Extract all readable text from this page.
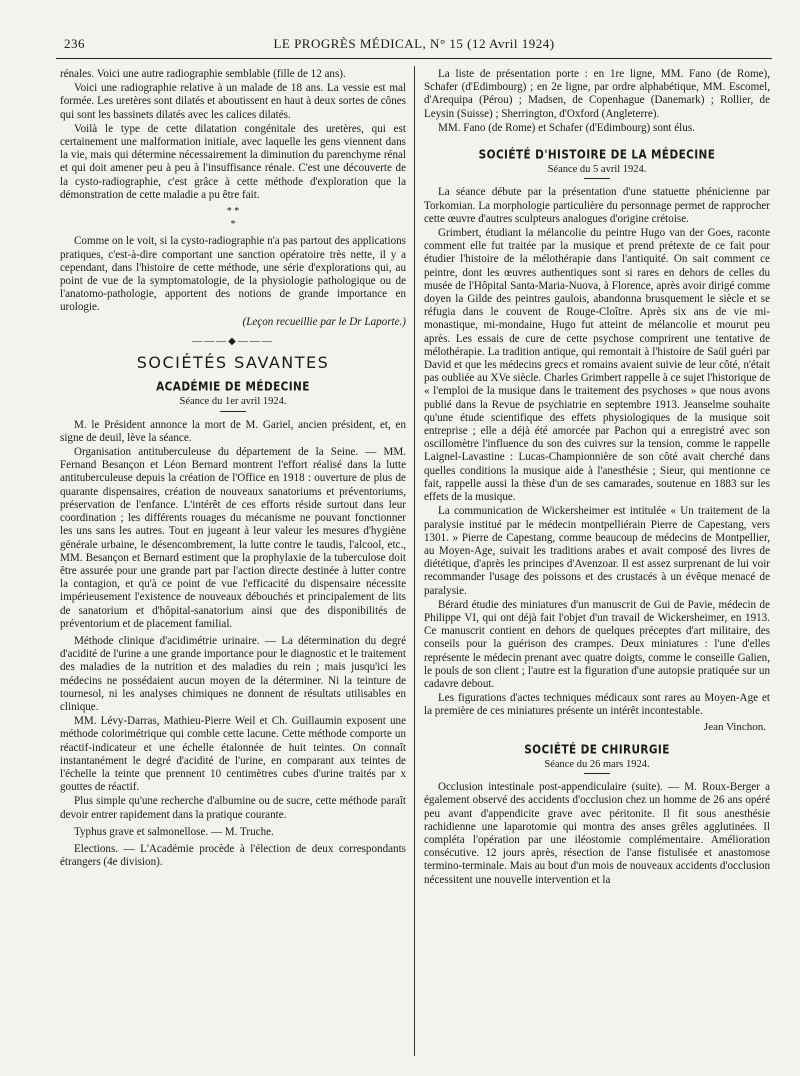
236	LE PROGRÈS MÉDICAL, N° 15 (12 Avril 1924)

rénales. Voici une autre radiographie semblable (fille de 12 ans).

Voici une radiographie relative à un malade de 18 ans. La vessie est mal formée. Les uretères sont dilatés et aboutissent en haut à deux sortes de cônes qui sont les bassinets dilatés avec les calices dilatés.

Voilà le type de cette dilatation congénitale des uretères, qui est certainement une malformation initiale, avec laquelle les gens viennent dans la vie, mais qui détermine nécessairement la diminution du parenchyme rénal et qui doit amener peu à peu à l'insuffisance rénale. C'est une découverte de la cysto-radiographie, c'est grâce à cette méthode d'exploration que la démonstration de cette maladie a pu être fait.

* *
*

Comme on le voit, si la cysto-radiographie n'a pas partout des applications pratiques, c'est-à-dire comportant une sanction opératoire très nette, il y a cependant, dans l'histoire de cette méthode, une série d'explorations qui, au point de vue de la symptomatologie, de la physiologie pathologique ou de l'anatomo-pathologie, apportent des notions de grande importance en urologie.

(Leçon recueillie par le Dr Laporte.)

———◆———
SOCIÉTÉS SAVANTES
ACADÉMIE DE MÉDECINE
Séance du 1er avril 1924.

M. le Président annonce la mort de M. Gariel, ancien président, et, en signe de deuil, lève la séance.

Organisation antituberculeuse du département de la Seine. — MM. Fernand Besançon et Léon Bernard montrent l'effort réalisé dans la lutte antituberculeuse depuis la création de l'Office en 1918 : ouverture de plus de quarante dispensaires, création de nouveaux sanatoriums et préventoriums, préservation de l'enfance. L'intérêt de ces efforts réside surtout dans leur coordination ; les différents rouages du mécanisme ne pouvant fonctionner les uns sans les autres. Tout en jugeant à leur valeur les mesures d'hygiène générale urbaine, le désencombrement, la lutte contre le taudis, l'alcool, etc., MM. Besançon et Bernard estiment que la prophylaxie de la tuberculose doit être assurée pour une grande part par l'action directe destinée à lutter contre la contagion, et qu'à ce point de vue l'efficacité du dispensaire nécessite impérieusement l'existence de nouveaux débouchés et principalement de lits de sanatorium et d'hôpital-sanatorium ainsi que des disponibilités de préventorium et de placement familial.

Méthode clinique d'acidimétrie urinaire. — La détermination du degré d'acidité de l'urine a une grande importance pour le diagnostic et le traitement des maladies de la nutrition et des maladies du rein ; mais jusqu'ici les médecins ne possédaient aucun moyen de la déterminer. Ni la teinture de tournesol, ni les analyses chimiques ne donnent de résultats utilisables en clinique.

MM. Lévy-Darras, Mathieu-Pierre Weil et Ch. Guillaumin exposent une méthode colorimétrique qui comble cette lacune. Cette méthode comporte un réactif-indicateur et une échelle étalonnée de huit teintes. On connaît instantanément le degré d'acidité de l'urine, en comparant aux teintes de l'échelle la teinte que prennent 10 centimètres cubes d'urine traités par x gouttes de réactif.

Plus simple qu'une recherche d'albumine ou de sucre, cette méthode paraît devoir entrer rapidement dans la pratique courante.

Typhus grave et salmonellose. — M. Truche.

Elections. — L'Académie procède à l'élection de deux correspondants étrangers (4e division).

La liste de présentation porte : en 1re ligne, MM. Fano (de Rome), Schafer (d'Edimbourg) ; en 2e ligne, par ordre alphabétique, MM. Escomel, d'Arequipa (Pérou) ; Madsen, de Copenhague (Danemark) ; Rollier, de Leysin (Suisse) ; Sherrington, d'Oxford (Angleterre).

MM. Fano (de Rome) et Schafer (d'Edimbourg) sont élus.

SOCIÉTÉ D'HISTOIRE DE LA MÉDECINE
Séance du 5 avril 1924.

La séance débute par la présentation d'une statuette phénicienne par Torkomian. La morphologie particulière du personnage permet de rapprocher cette œuvre d'autres sculpteurs analogues d'origine crétoise.

Grimbert, étudiant la mélancolie du peintre Hugo van der Goes, raconte comment elle fut traitée par la musique et prend prétexte de ce fait pour étudier l'histoire de la mélothérapie dans l'antiquité. On sait comment ce peintre, dont les œuvres authentiques sont si rares en dehors de celles du musée de l'Hôpital Santa-Maria-Nuova, à Florence, après avoir dirigé comme doyen la Gilde des peintres gaulois, abandonna brusquement le siècle et se réfugia dans le couvent de Rouge-Cloître. Après six ans de vie mi-monastique, mi-mondaine, Hugo fut atteint de mélancolie et mourut peu après. Les essais de cure de cette psychose comprirent une tentative de mélothérapie. La tradition antique, qui remontait à l'histoire de Saül guéri par David et que les médecins grecs et romains avaient suivie de leur côté, n'était pas oubliée au XVe siècle. Charles Grimbert rappelle à ce sujet l'historique de « l'emploi de la musique dans le traitement des psychoses » que nous avons publié dans la Revue de psychiatrie en septembre 1913. Jeanselme souhaite qu'une étude scientifique des effets physiologiques de la musique soit entreprise ; elle a déjà été amorcée par Pachon qui a enregistré avec son oscillomètre l'influence du son des cuivres sur la tension, comme le rappelle Laignel-Lavastine : Lucas-Championnière de son côté avait cherché dans quelles conditions la musique aide à l'anesthésie ; Sieur, qui mentionne ce fait, rappelle aussi la thèse d'un de ses camarades, soutenue en 1883 sur les effets de la musique.

La communication de Wickersheimer est intitulée « Un traitement de la paralysie institué par le médecin montpelliérain Pierre de Capestang, vers 1301. » Pierre de Capestang, comme beaucoup de médecins de Montpellier, au Moyen-Age, suivait les traditions arabes et avait composé des livres de diététique, d'après les principes d'Avenzoar. Il est assez surprenant de lui voir recommander l'usage des poissons et des crustacés à un évêque menacé de paralysie.

Bérard étudie des miniatures d'un manuscrit de Gui de Pavie, médecin de Philippe VI, qui ont déjà fait l'objet d'un travail de Wickersheimer, en 1913. Ce manuscrit contient en dehors de quelques préceptes d'art militaire, des conseils pour la guérison des crampes. Deux miniatures : l'une d'elles représente le médecin prenant avec quatre doigts, comme le conseille Galien, le pouls de son client ; l'autre est la figuration d'une autopsie pratiquée sur un cadavre debout.

Les figurations d'actes techniques médicaux sont rares au Moyen-Age et la première de ces miniatures présente un intérêt incontestable.

Jean Vinchon.
SOCIÉTÉ DE CHIRURGIE
Séance du 26 mars 1924.

Occlusion intestinale post-appendiculaire (suite). — M. Roux-Berger a également observé des accidents d'occlusion chez un homme de 26 ans opéré peu avant d'appendicite grave avec péritonite. Il fit sous anesthésie rachidienne une laparotomie qui montra des anses grêles agglutinées. Il compléta l'opération par une iléostomie complémentaire. Amélioration consécutive. 12 jours après, résection de l'anse fistulisée et anastomose termino-terminale. Mais au bout d'un mois de nouveaux accidents d'occlusion nécessitent une nouvelle intervention et la
